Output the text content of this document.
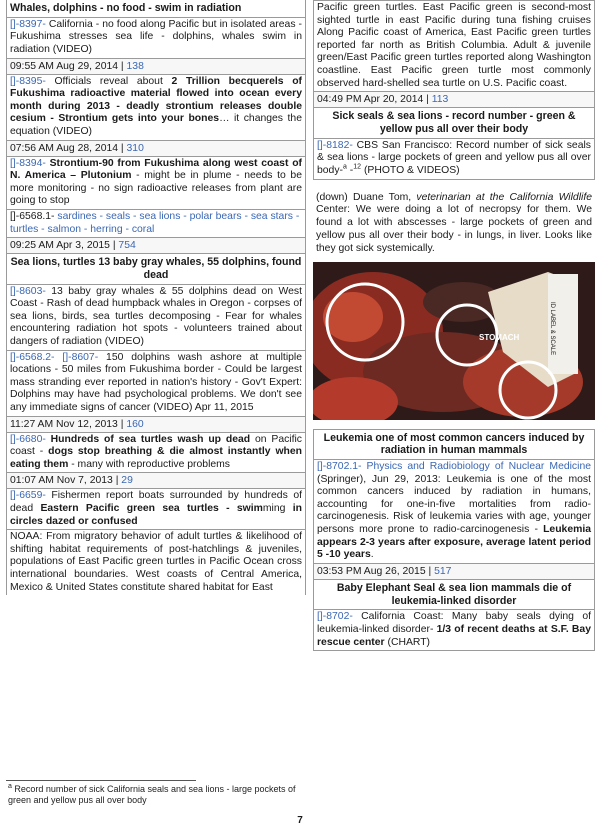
Whales, dolphins - no food - swim in radiation
[]-8397- California - no food along Pacific but in isolated areas - Fukushima stresses sea life - dolphins, whales swim in radiation (VIDEO)
09:55 AM Aug 29, 2014 | 138
[]-8395- Officials reveal about 2 Trillion becquerels of Fukushima radioactive material flowed into ocean every month during 2013 - deadly strontium releases double cesium - Strontium gets into your bones… it changes the equation (VIDEO)
07:56 AM Aug 28, 2014 | 310
[]-8394- Strontium-90 from Fukushima along west coast of N. America – Plutonium - might be in plume - needs to be more monitoring - no sign radioactive releases from plant are going to stop
[]-6568.1- sardines - seals - sea lions - polar bears - sea stars - turtles - salmon - herring - coral
09:25 AM Apr 3, 2015 | 754
Sea lions, turtles 13 baby gray whales, 55 dolphins, found dead
[]-8603- 13 baby gray whales & 55 dolphins dead on West Coast - Rash of dead humpback whales in Oregon - corpses of sea lions, birds, sea turtles decomposing - Fear for whales encountering radiation hot spots - volunteers trained about dangers of radiation (VIDEO)
[]-6568.2- []-8607- 150 dolphins wash ashore at multiple locations - 50 miles from Fukushima border - Could be largest mass stranding ever reported in nation's history - Gov't Expert: Dolphins may have had psychological problems. We don't see any immediate signs of cancer (VIDEO) Apr 11, 2015
11:27 AM Nov 12, 2013 | 160
[]-6680- Hundreds of sea turtles wash up dead on Pacific coast - dogs stop breathing & die almost instantly when eating them - many with reproductive problems
01:07 AM Nov 7, 2013 | 29
[]-6659- Fishermen report boats surrounded by hundreds of dead Eastern Pacific green sea turtles - swimming in circles dazed or confused
NOAA: From migratory behavior of adult turtles & likelihood of shifting habitat requirements of post-hatchlings & juveniles, populations of East Pacific green turtles in Pacific Ocean cross international boundaries. West coasts of Central America, Mexico & United States constitute shared habitat for East
Pacific green turtles. East Pacific green is second-most sighted turtle in east Pacific during tuna fishing cruises Along Pacific coast of America, East Pacific green turtles reported far north as British Columbia. Adult & juvenile green/East Pacific green turtles reported along Washington coastline. East Pacific green turtle most commonly observed hard-shelled sea turtle on U.S. Pacific coast.
04:49 PM Apr 20, 2014 | 113
Sick seals & sea lions - record number - green & yellow pus all over their body
[]-8182- CBS San Francisco: Record number of sick seals & sea lions - large pockets of green and yellow pus all over body-$^a$ -$^{12}$ (PHOTO & VIDEOS)
(down) Duane Tom, veterinarian at the California Wildlife Center: We were doing a lot of necropsy for them. We found a lot with abscesses - large pockets of green and yellow pus all over their body - in lungs, in liver. Looks like they got sick systemically.
ID LABEL & SCALE
STOMACH
Leukemia one of most common cancers induced by radiation in human mammals
[]-8702.1- Physics and Radiobiology of Nuclear Medicine (Springer), Jun 29, 2013: Leukemia is one of the most common cancers induced by radiation in humans, accounting for one-in-five mortalities from radio-carcinogenesis. Risk of leukemia varies with age, younger persons more prone to radio-carcinogenesis - Leukemia appears 2-3 years after exposure, average latent period 5 -10 years.
03:53 PM Aug 26, 2015 | 517
Baby Elephant Seal & sea lion mammals die of leukemia-linked disorder
[]-8702- California Coast: Many baby seals dying of leukemia-linked disorder- 1/3 of recent deaths at S.F. Bay rescue center (CHART)
$^a$ Record number of sick California seals and sea lions - large pockets of green and yellow pus all over body
7
